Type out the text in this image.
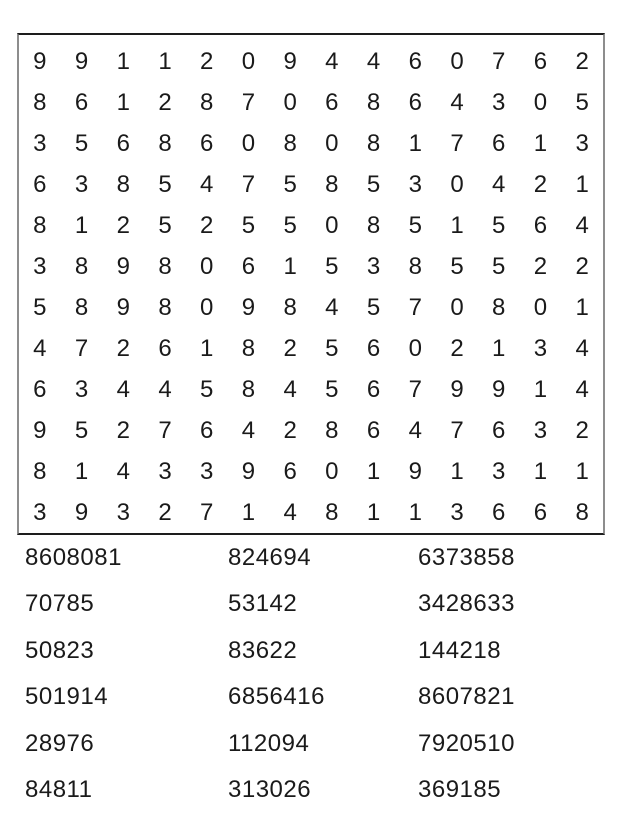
9	9	1	1	2	0	9	4	4	6	0	7	6	2
8	6	1	2	8	7	0	6	8	6	4	3	0	5
3	5	6	8	6	0	8	0	8	1	7	6	1	3
6	3	8	5	4	7	5	8	5	3	0	4	2	1
8	1	2	5	2	5	5	0	8	5	1	5	6	4
3	8	9	8	0	6	1	5	3	8	5	5	2	2
5	8	9	8	0	9	8	4	5	7	0	8	0	1
4	7	2	6	1	8	2	5	6	0	2	1	3	4
6	3	4	4	5	8	4	5	6	7	9	9	1	4
9	5	2	7	6	4	2	8	6	4	7	6	3	2
8	1	4	3	3	9	6	0	1	9	1	3	1	1
3	9	3	2	7	1	4	8	1	1	3	6	6	8
8608081	824694	6373858
70785	53142	3428633
50823	83622	144218
501914	6856416	8607821
28976	112094	7920510
84811	313026	369185
